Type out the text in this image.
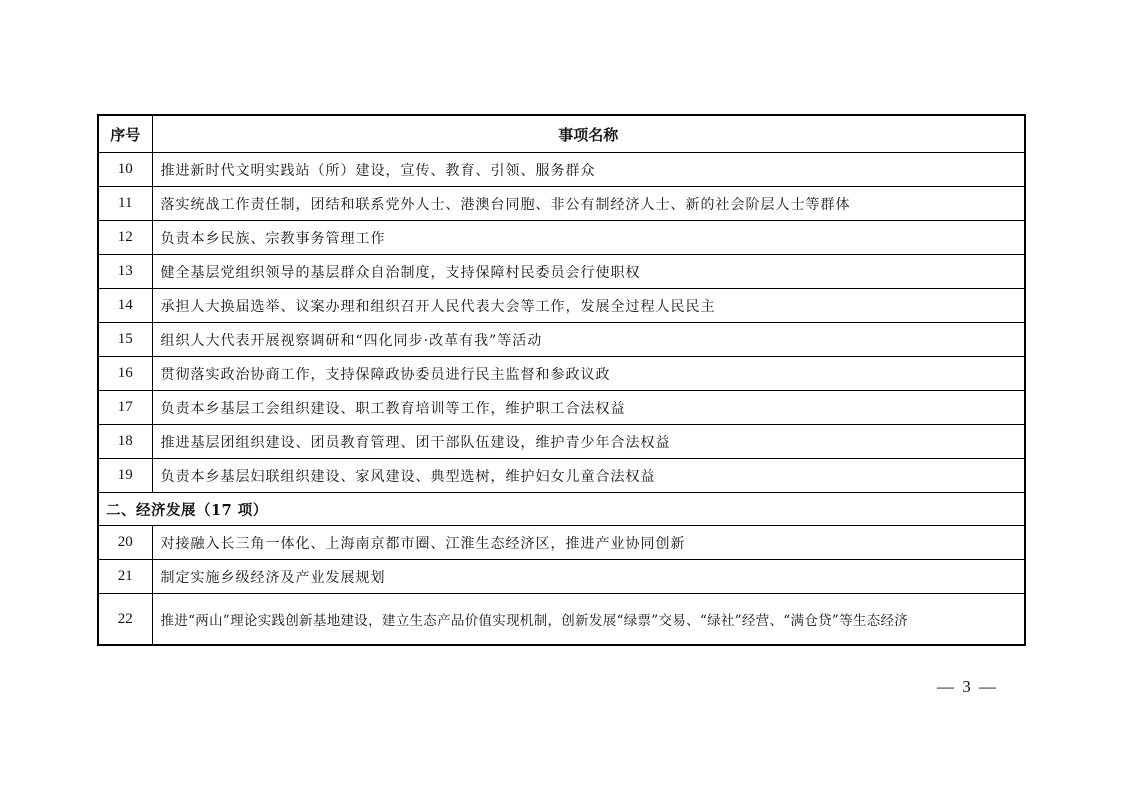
序号	事项名称
10	推进新时代文明实践站（所）建设，宣传、教育、引领、服务群众
11	落实统战工作责任制，团结和联系党外人士、港澳台同胞、非公有制经济人士、新的社会阶层人士等群体
12	负责本乡民族、宗教事务管理工作
13	健全基层党组织领导的基层群众自治制度，支持保障村民委员会行使职权
14	承担人大换届选举、议案办理和组织召开人民代表大会等工作，发展全过程人民民主
15	组织人大代表开展视察调研和“四化同步·改革有我”等活动
16	贯彻落实政治协商工作，支持保障政协委员进行民主监督和参政议政
17	负责本乡基层工会组织建设、职工教育培训等工作，维护职工合法权益
18	推进基层团组织建设、团员教育管理、团干部队伍建设，维护青少年合法权益
19	负责本乡基层妇联组织建设、家风建设、典型选树，维护妇女儿童合法权益
二、经济发展（17 项）	
20	对接融入长三角一体化、上海南京都市圈、江淮生态经济区，推进产业协同创新
21	制定实施乡级经济及产业发展规划
22	推进“两山”理论实践创新基地建设，建立生态产品价值实现机制，创新发展“绿票”交易、“绿社”经营、“满仓贷”等生态经济
— 3 —
